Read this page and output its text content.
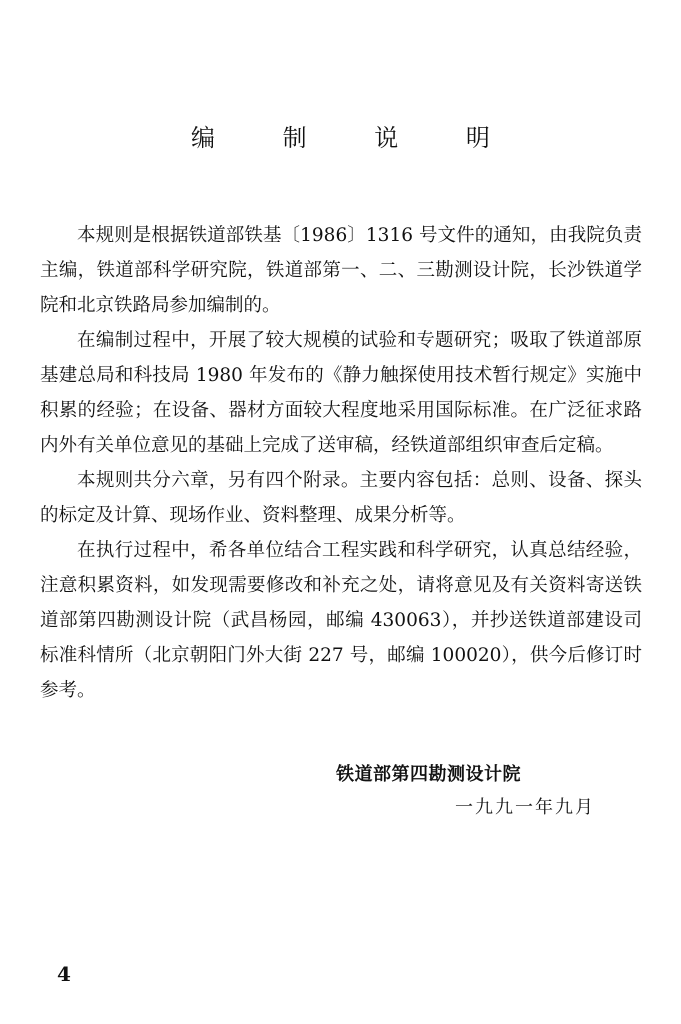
编 制 说 明

本规则是根据铁道部铁基〔1986〕1316 号文件的通知，由我院负责主编，铁道部科学研究院，铁道部第一、二、三勘测设计院，长沙铁道学院和北京铁路局参加编制的。

在编制过程中，开展了较大规模的试验和专题研究；吸取了铁道部原基建总局和科技局 1980 年发布的《静力触探使用技术暂行规定》实施中积累的经验；在设备、器材方面较大程度地采用国际标准。在广泛征求路内外有关单位意见的基础上完成了送审稿，经铁道部组织审查后定稿。

本规则共分六章，另有四个附录。主要内容包括：总则、设备、探头的标定及计算、现场作业、资料整理、成果分析等。

在执行过程中，希各单位结合工程实践和科学研究，认真总结经验，注意积累资料，如发现需要修改和补充之处，请将意见及有关资料寄送铁道部第四勘测设计院（武昌杨园，邮编 430063），并抄送铁道部建设司标准科情所（北京朝阳门外大街 227 号，邮编 100020），供今后修订时参考。

铁道部第四勘测设计院
一九九一年九月
4
